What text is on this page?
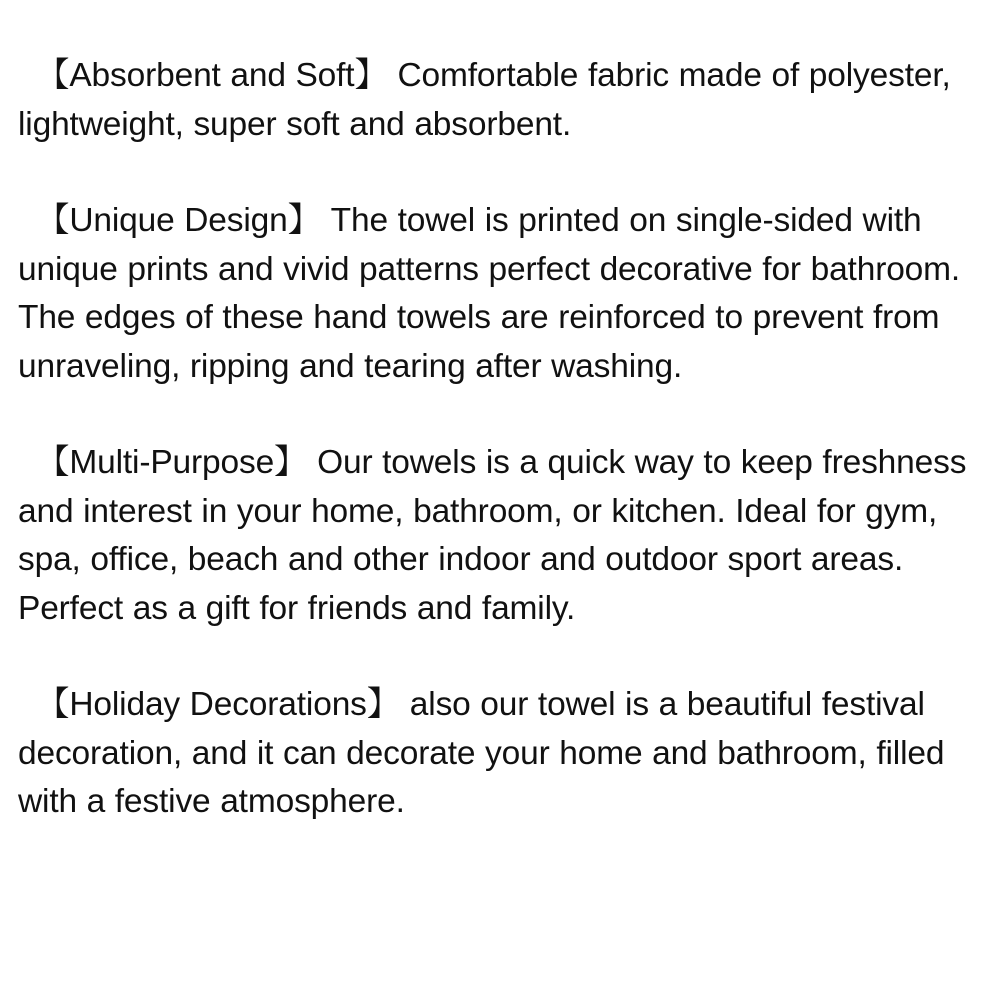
【Absorbent and Soft】 Comfortable fabric made of polyester, lightweight, super soft and absorbent.

【Unique Design】 The towel is printed on single-sided with unique prints and vivid patterns perfect decorative for bathroom. The edges of these hand towels are reinforced to prevent from unraveling, ripping and tearing after washing.

【Multi-Purpose】 Our towels is a quick way to keep freshness and interest in your home, bathroom, or kitchen. Ideal for gym, spa, office, beach and other indoor and outdoor sport areas. Perfect as a gift for friends and family.

【Holiday Decorations】 also our towel is a beautiful festival decoration, and it can decorate your home and bathroom, filled with a festive atmosphere.
